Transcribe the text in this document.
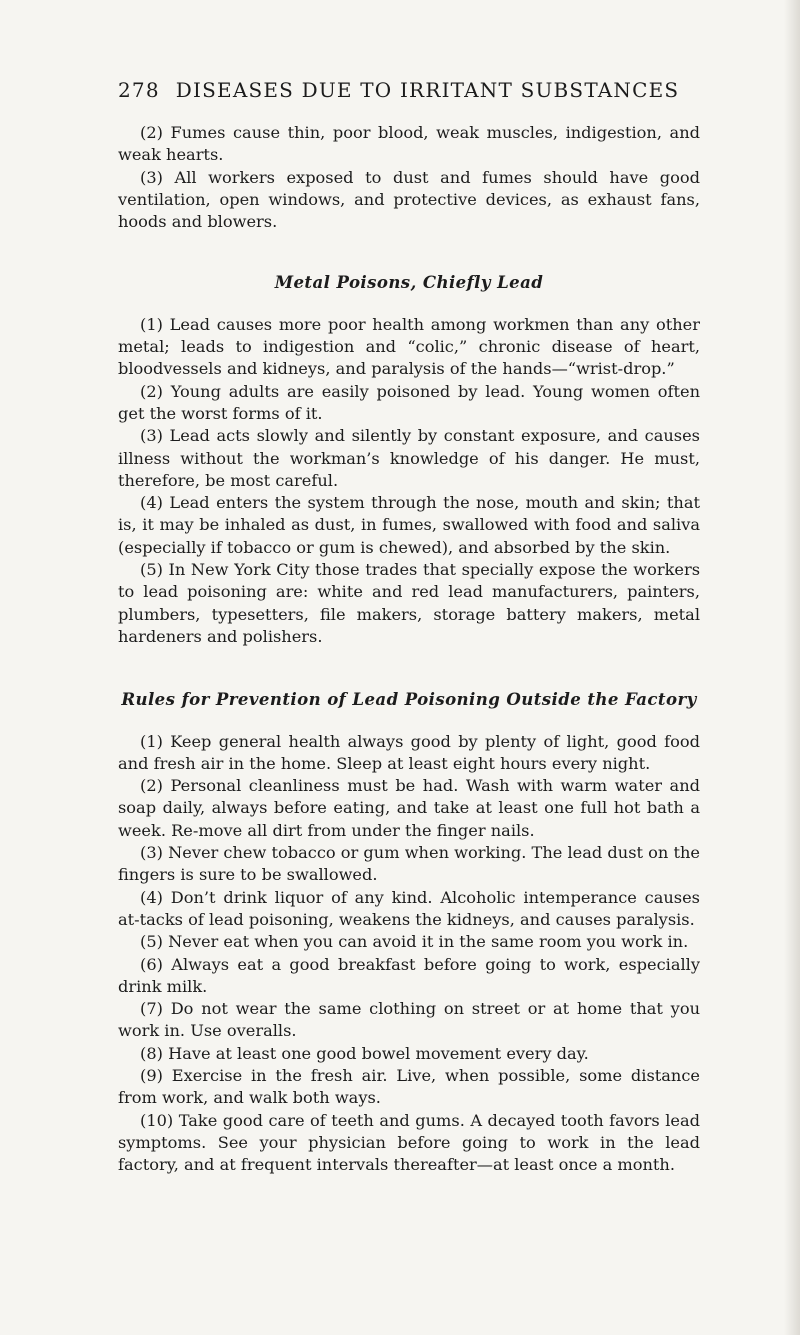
278 DISEASES DUE TO IRRITANT SUBSTANCES

(2) Fumes cause thin, poor blood, weak muscles, indigestion, and weak hearts.

(3) All workers exposed to dust and fumes should have good ventilation, open windows, and protective devices, as exhaust fans, hoods and blowers.

Metal Poisons, Chiefly Lead

(1) Lead causes more poor health among workmen than any other metal; leads to indigestion and “colic,” chronic disease of heart, bloodvessels and kidneys, and paralysis of the hands—“wrist-drop.”

(2) Young adults are easily poisoned by lead. Young women often get the worst forms of it.

(3) Lead acts slowly and silently by constant exposure, and causes illness without the workman’s knowledge of his danger. He must, therefore, be most careful.

(4) Lead enters the system through the nose, mouth and skin; that is, it may be inhaled as dust, in fumes, swallowed with food and saliva (especially if tobacco or gum is chewed), and absorbed by the skin.

(5) In New York City those trades that specially expose the workers to lead poisoning are: white and red lead manufacturers, painters, plumbers, typesetters, file makers, storage battery makers, metal hardeners and polishers.

Rules for Prevention of Lead Poisoning Outside the Factory

(1) Keep general health always good by plenty of light, good food and fresh air in the home. Sleep at least eight hours every night.

(2) Personal cleanliness must be had. Wash with warm water and soap daily, always before eating, and take at least one full hot bath a week. Re-move all dirt from under the finger nails.

(3) Never chew tobacco or gum when working. The lead dust on the fingers is sure to be swallowed.

(4) Don’t drink liquor of any kind. Alcoholic intemperance causes at-tacks of lead poisoning, weakens the kidneys, and causes paralysis.

(5) Never eat when you can avoid it in the same room you work in.

(6) Always eat a good breakfast before going to work, especially drink milk.

(7) Do not wear the same clothing on street or at home that you work in. Use overalls.

(8) Have at least one good bowel movement every day.

(9) Exercise in the fresh air. Live, when possible, some distance from work, and walk both ways.

(10) Take good care of teeth and gums. A decayed tooth favors lead symptoms. See your physician before going to work in the lead factory, and at frequent intervals thereafter—at least once a month.
